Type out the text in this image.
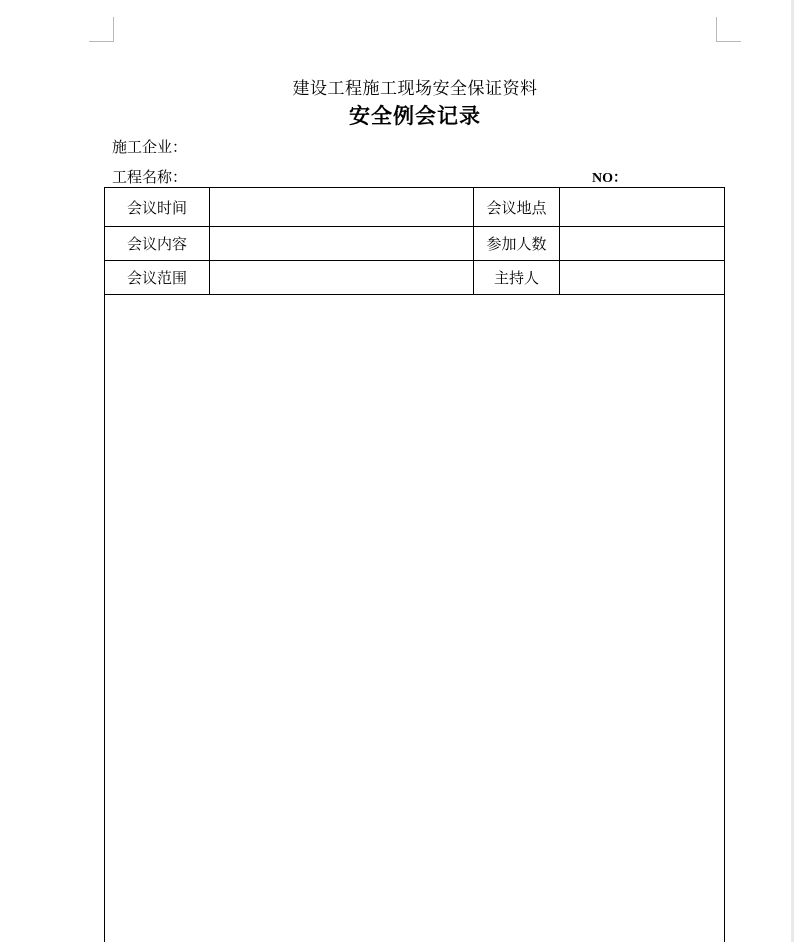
建设工程施工现场安全保证资料
安全例会记录
施工企业：
工程名称：	NO：
会议时间		会议地点	
会议内容		参加人数	
会议范围		主持人	
